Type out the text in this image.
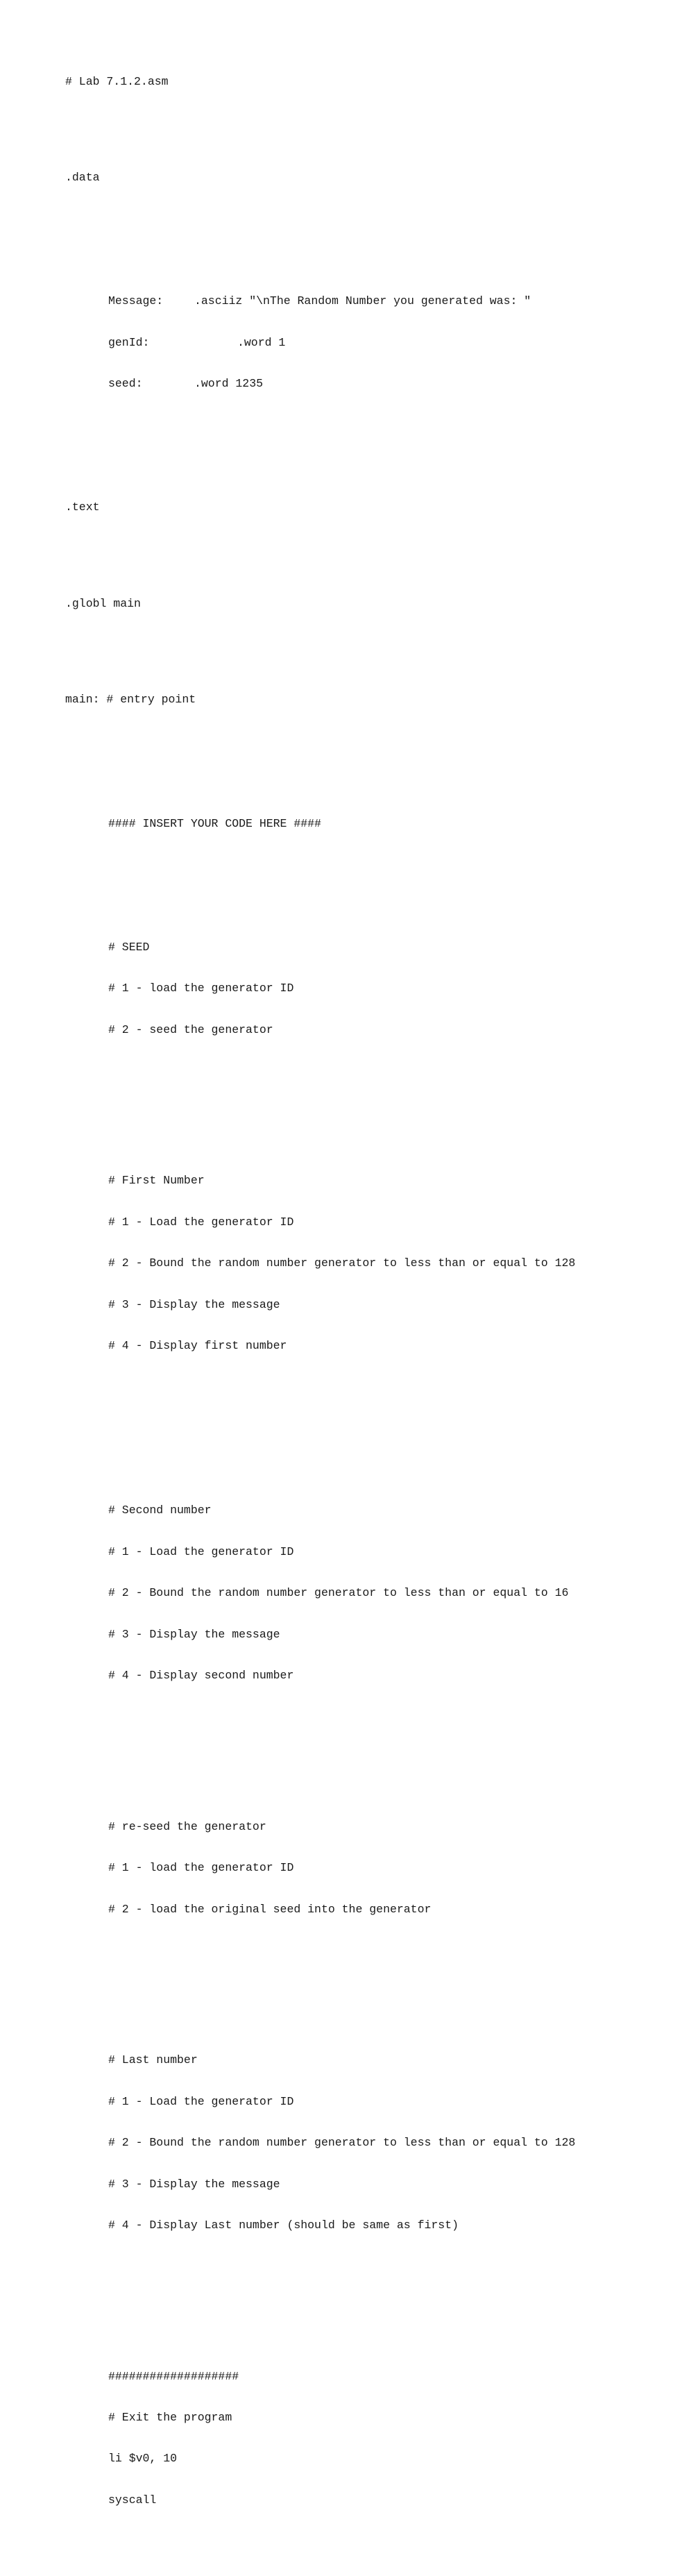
# Lab 7.1.2.asm

.data

Message:	.asciiz "\nThe Random Number you generated was: "

genId:	.word 1

seed:	.word 1235

.text

.globl main

main: # entry point

#### INSERT YOUR CODE HERE ####

# SEED

# 1 - load the generator ID

# 2 - seed the generator

# First Number

# 1 - Load the generator ID

# 2 - Bound the random number generator to less than or equal to 128

# 3 - Display the message

# 4 - Display first number

# Second number

# 1 - Load the generator ID

# 2 - Bound the random number generator to less than or equal to 16

# 3 - Display the message

# 4 - Display second number

# re-seed the generator

# 1 - load the generator ID

# 2 - load the original seed into the generator

# Last number

# 1 - Load the generator ID

# 2 - Bound the random number generator to less than or equal to 128

# 3 - Display the message

# 4 - Display Last number (should be same as first)

###################

# Exit the program

li $v0, 10

syscall
